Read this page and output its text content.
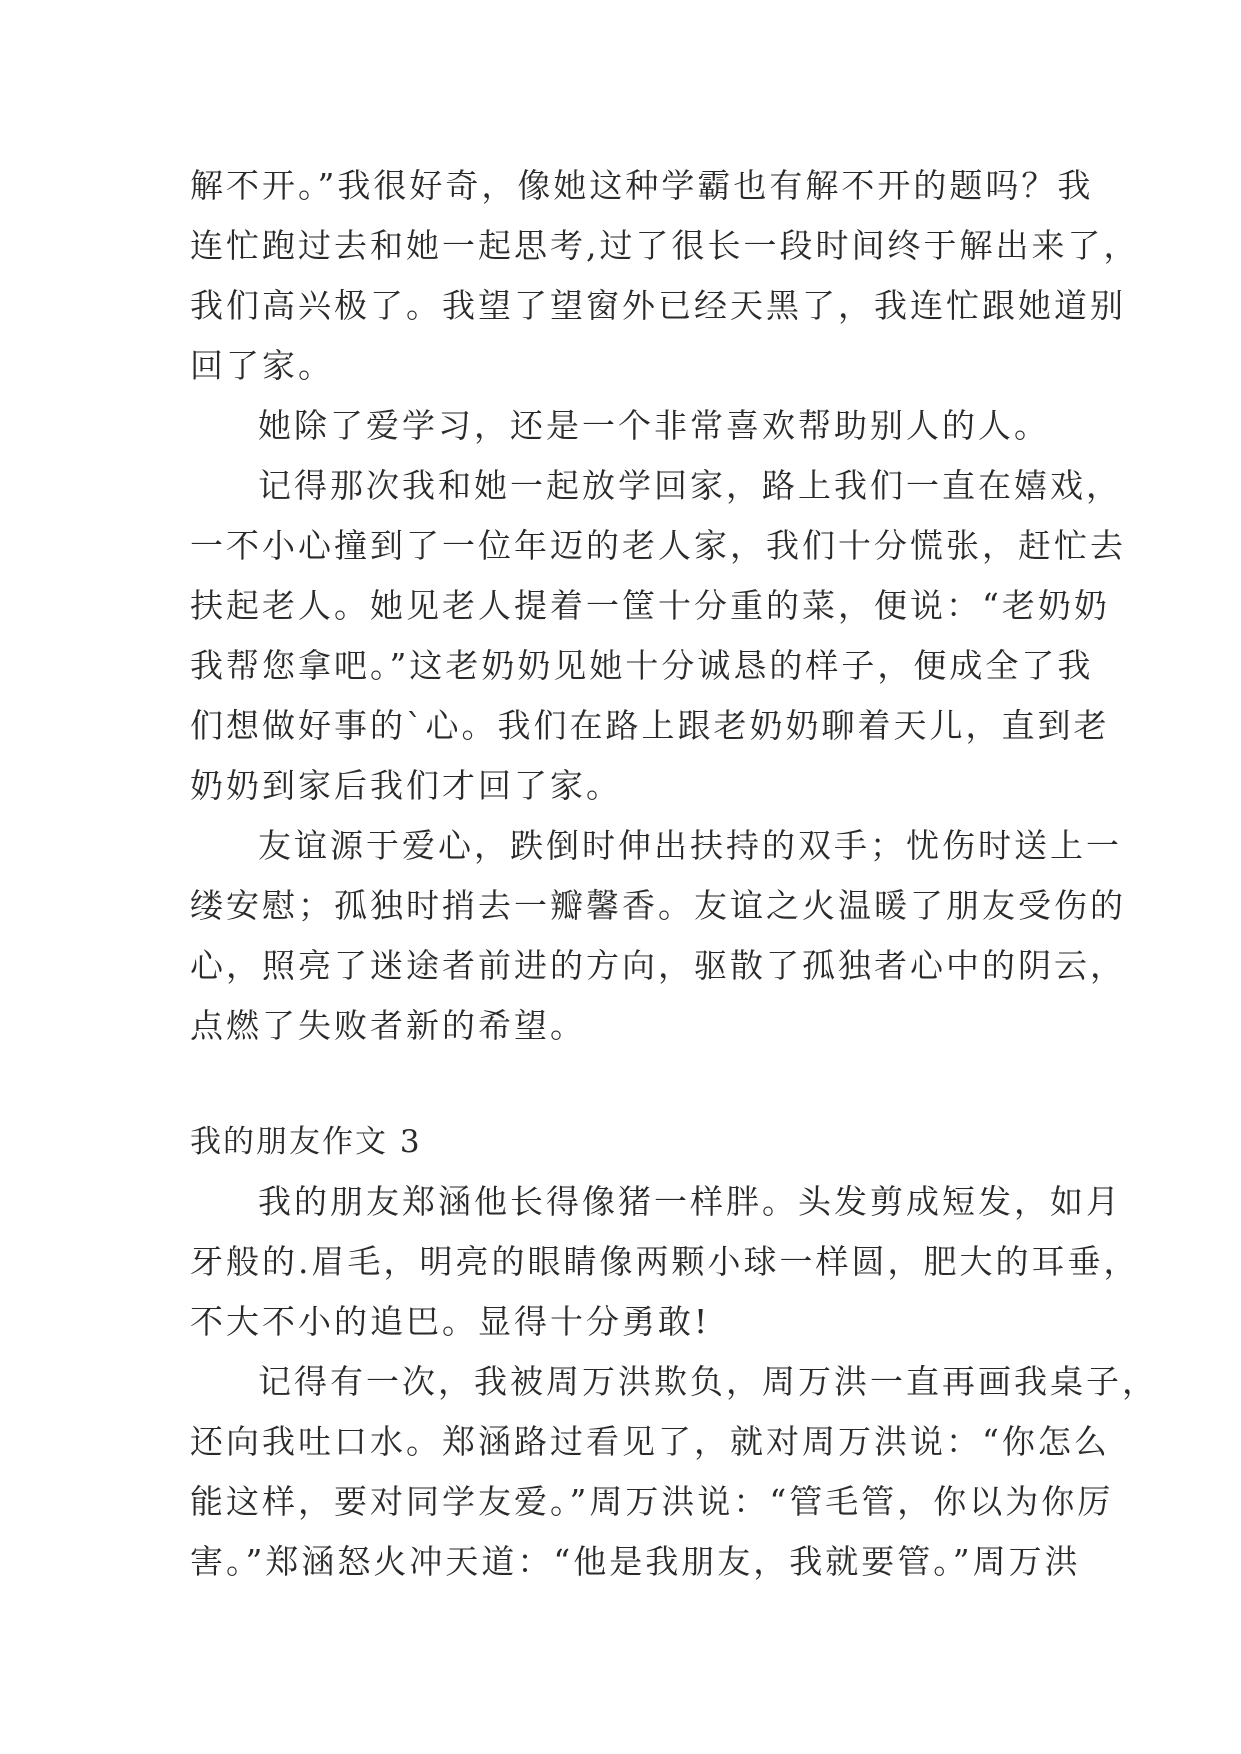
解不开。”我很好奇，像她这种学霸也有解不开的题吗？我
连忙跑过去和她一起思考,过了很长一段时间终于解出来了，
我们高兴极了。我望了望窗外已经天黑了，我连忙跟她道别
回了家。
她除了爱学习，还是一个非常喜欢帮助别人的人。
记得那次我和她一起放学回家，路上我们一直在嬉戏，
一不小心撞到了一位年迈的老人家，我们十分慌张，赶忙去
扶起老人。她见老人提着一筐十分重的菜，便说：“老奶奶
我帮您拿吧。”这老奶奶见她十分诚恳的样子，便成全了我
们想做好事的`心。我们在路上跟老奶奶聊着天儿，直到老
奶奶到家后我们才回了家。
友谊源于爱心，跌倒时伸出扶持的双手；忧伤时送上一
缕安慰；孤独时捎去一瓣馨香。友谊之火温暖了朋友受伤的
心，照亮了迷途者前进的方向，驱散了孤独者心中的阴云，
点燃了失败者新的希望。
我的朋友作文 3
我的朋友郑涵他长得像猪一样胖。头发剪成短发，如月
牙般的.眉毛，明亮的眼睛像两颗小球一样圆，肥大的耳垂，
不大不小的追巴。显得十分勇敢!
记得有一次，我被周万洪欺负，周万洪一直再画我桌子，
还向我吐口水。郑涵路过看见了，就对周万洪说：“你怎么
能这样，要对同学友爱。”周万洪说：“管毛管，你以为你厉
害。”郑涵怒火冲天道：“他是我朋友，我就要管。”周万洪
